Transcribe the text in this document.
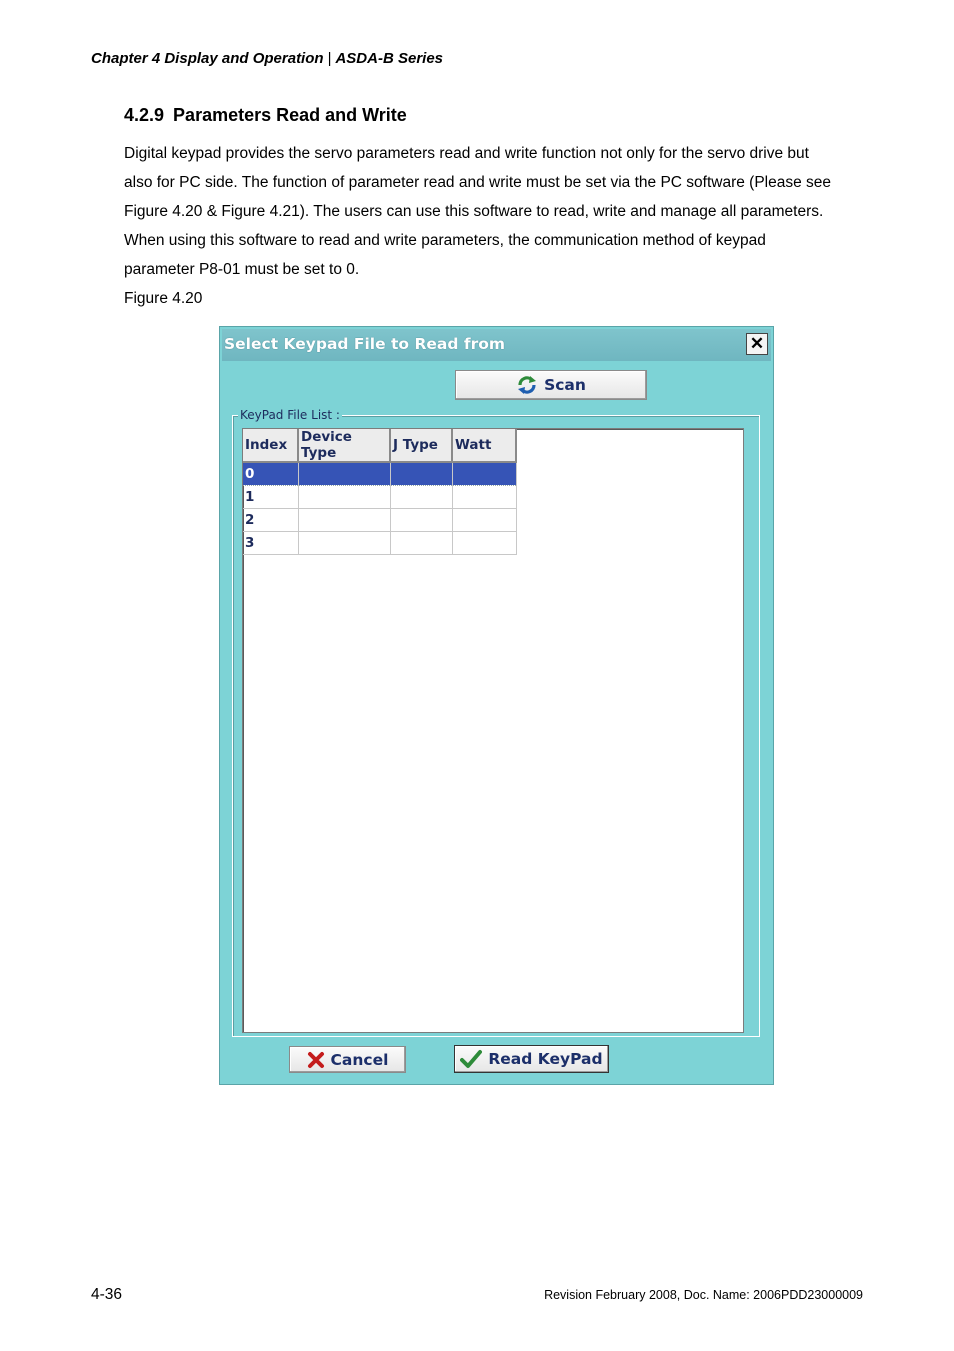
Chapter 4 Display and Operation | ASDA-B Series
4.2.9 Parameters Read and Write
Digital keypad provides the servo parameters read and write function not only for the servo drive but
also for PC side. The function of parameter read and write must be set via the PC software (Please see
Figure 4.20 & Figure 4.21). The users can use this software to read, write and manage all parameters.
When using this software to read and write parameters, the communication method of keypad
parameter P8-01 must be set to 0.
Figure 4.20
Select Keypad File to Read from	✕
Scan
KeyPad File List :
Index	Device Type	J Type	Watt
0			
1			
2			
3			
Cancel	Read KeyPad
4-36	Revision February 2008, Doc. Name: 2006PDD23000009
